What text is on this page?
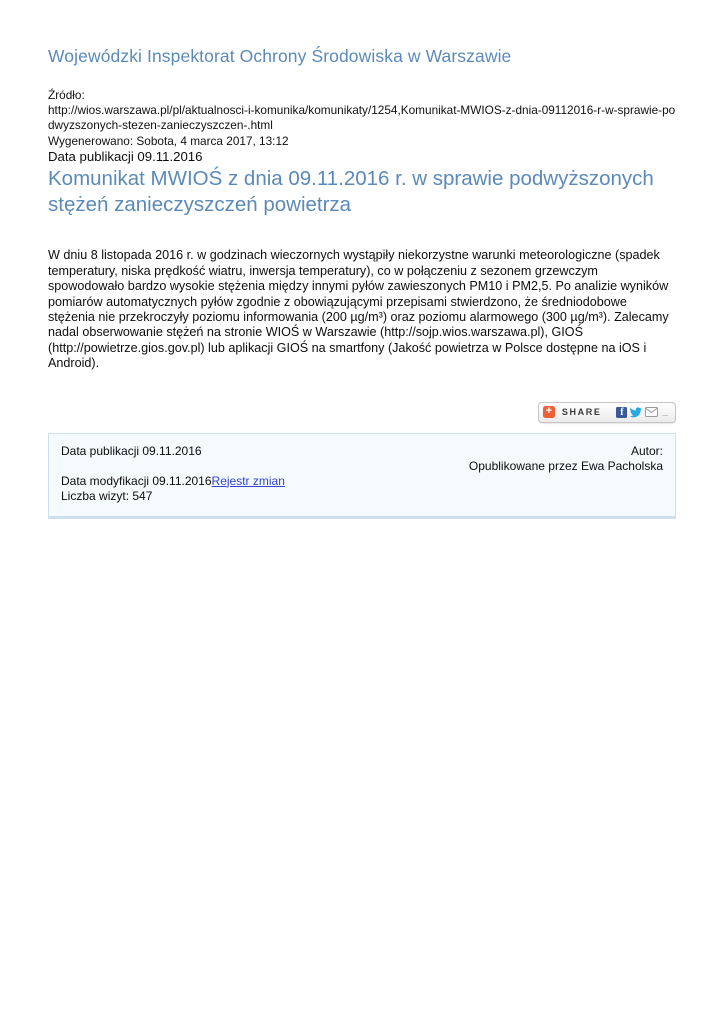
Wojewódzki Inspektorat Ochrony Środowiska w Warszawie
Źródło:
http://wios.warszawa.pl/pl/aktualnosci-i-komunika/komunikaty/1254,Komunikat-MWIOS-z-dnia-09112016-r-w-sprawie-podwyzszonych-stezen-zanieczyszczen-.html
Wygenerowano: Sobota, 4 marca 2017, 13:12
Data publikacji 09.11.2016
Komunikat MWIOŚ z dnia 09.11.2016 r. w sprawie podwyższonych stężeń zanieczyszczeń powietrza

W dniu 8 listopada 2016 r. w godzinach wieczornych wystąpiły niekorzystne warunki meteorologiczne (spadek temperatury, niska prędkość wiatru, inwersja temperatury), co w połączeniu z sezonem grzewczym spowodowało bardzo wysokie stężenia między innymi pyłów zawieszonych PM10 i PM2,5. Po analizie wyników pomiarów automatycznych pyłów zgodnie z obowiązującymi przepisami stwierdzono, że średniodobowe stężenia nie przekroczyły poziomu informowania (200 µg/m³) oraz poziomu alarmowego (300 µg/m³). Zalecamy nadal obserwowanie stężeń na stronie WIOŚ w Warszawie (http://sojp.wios.warszawa.pl), GIOŚ (http://powietrze.gios.gov.pl) lub aplikacji GIOŚ na smartfony (Jakość powietrza w Polsce dostępne na iOS i Android).

+	SHARE	f	_
Data publikacji 09.11.2016
Data modyfikacji 09.11.2016Rejestr zmian
Liczba wizyt: 547
Autor:
Opublikowane przez Ewa Pacholska
